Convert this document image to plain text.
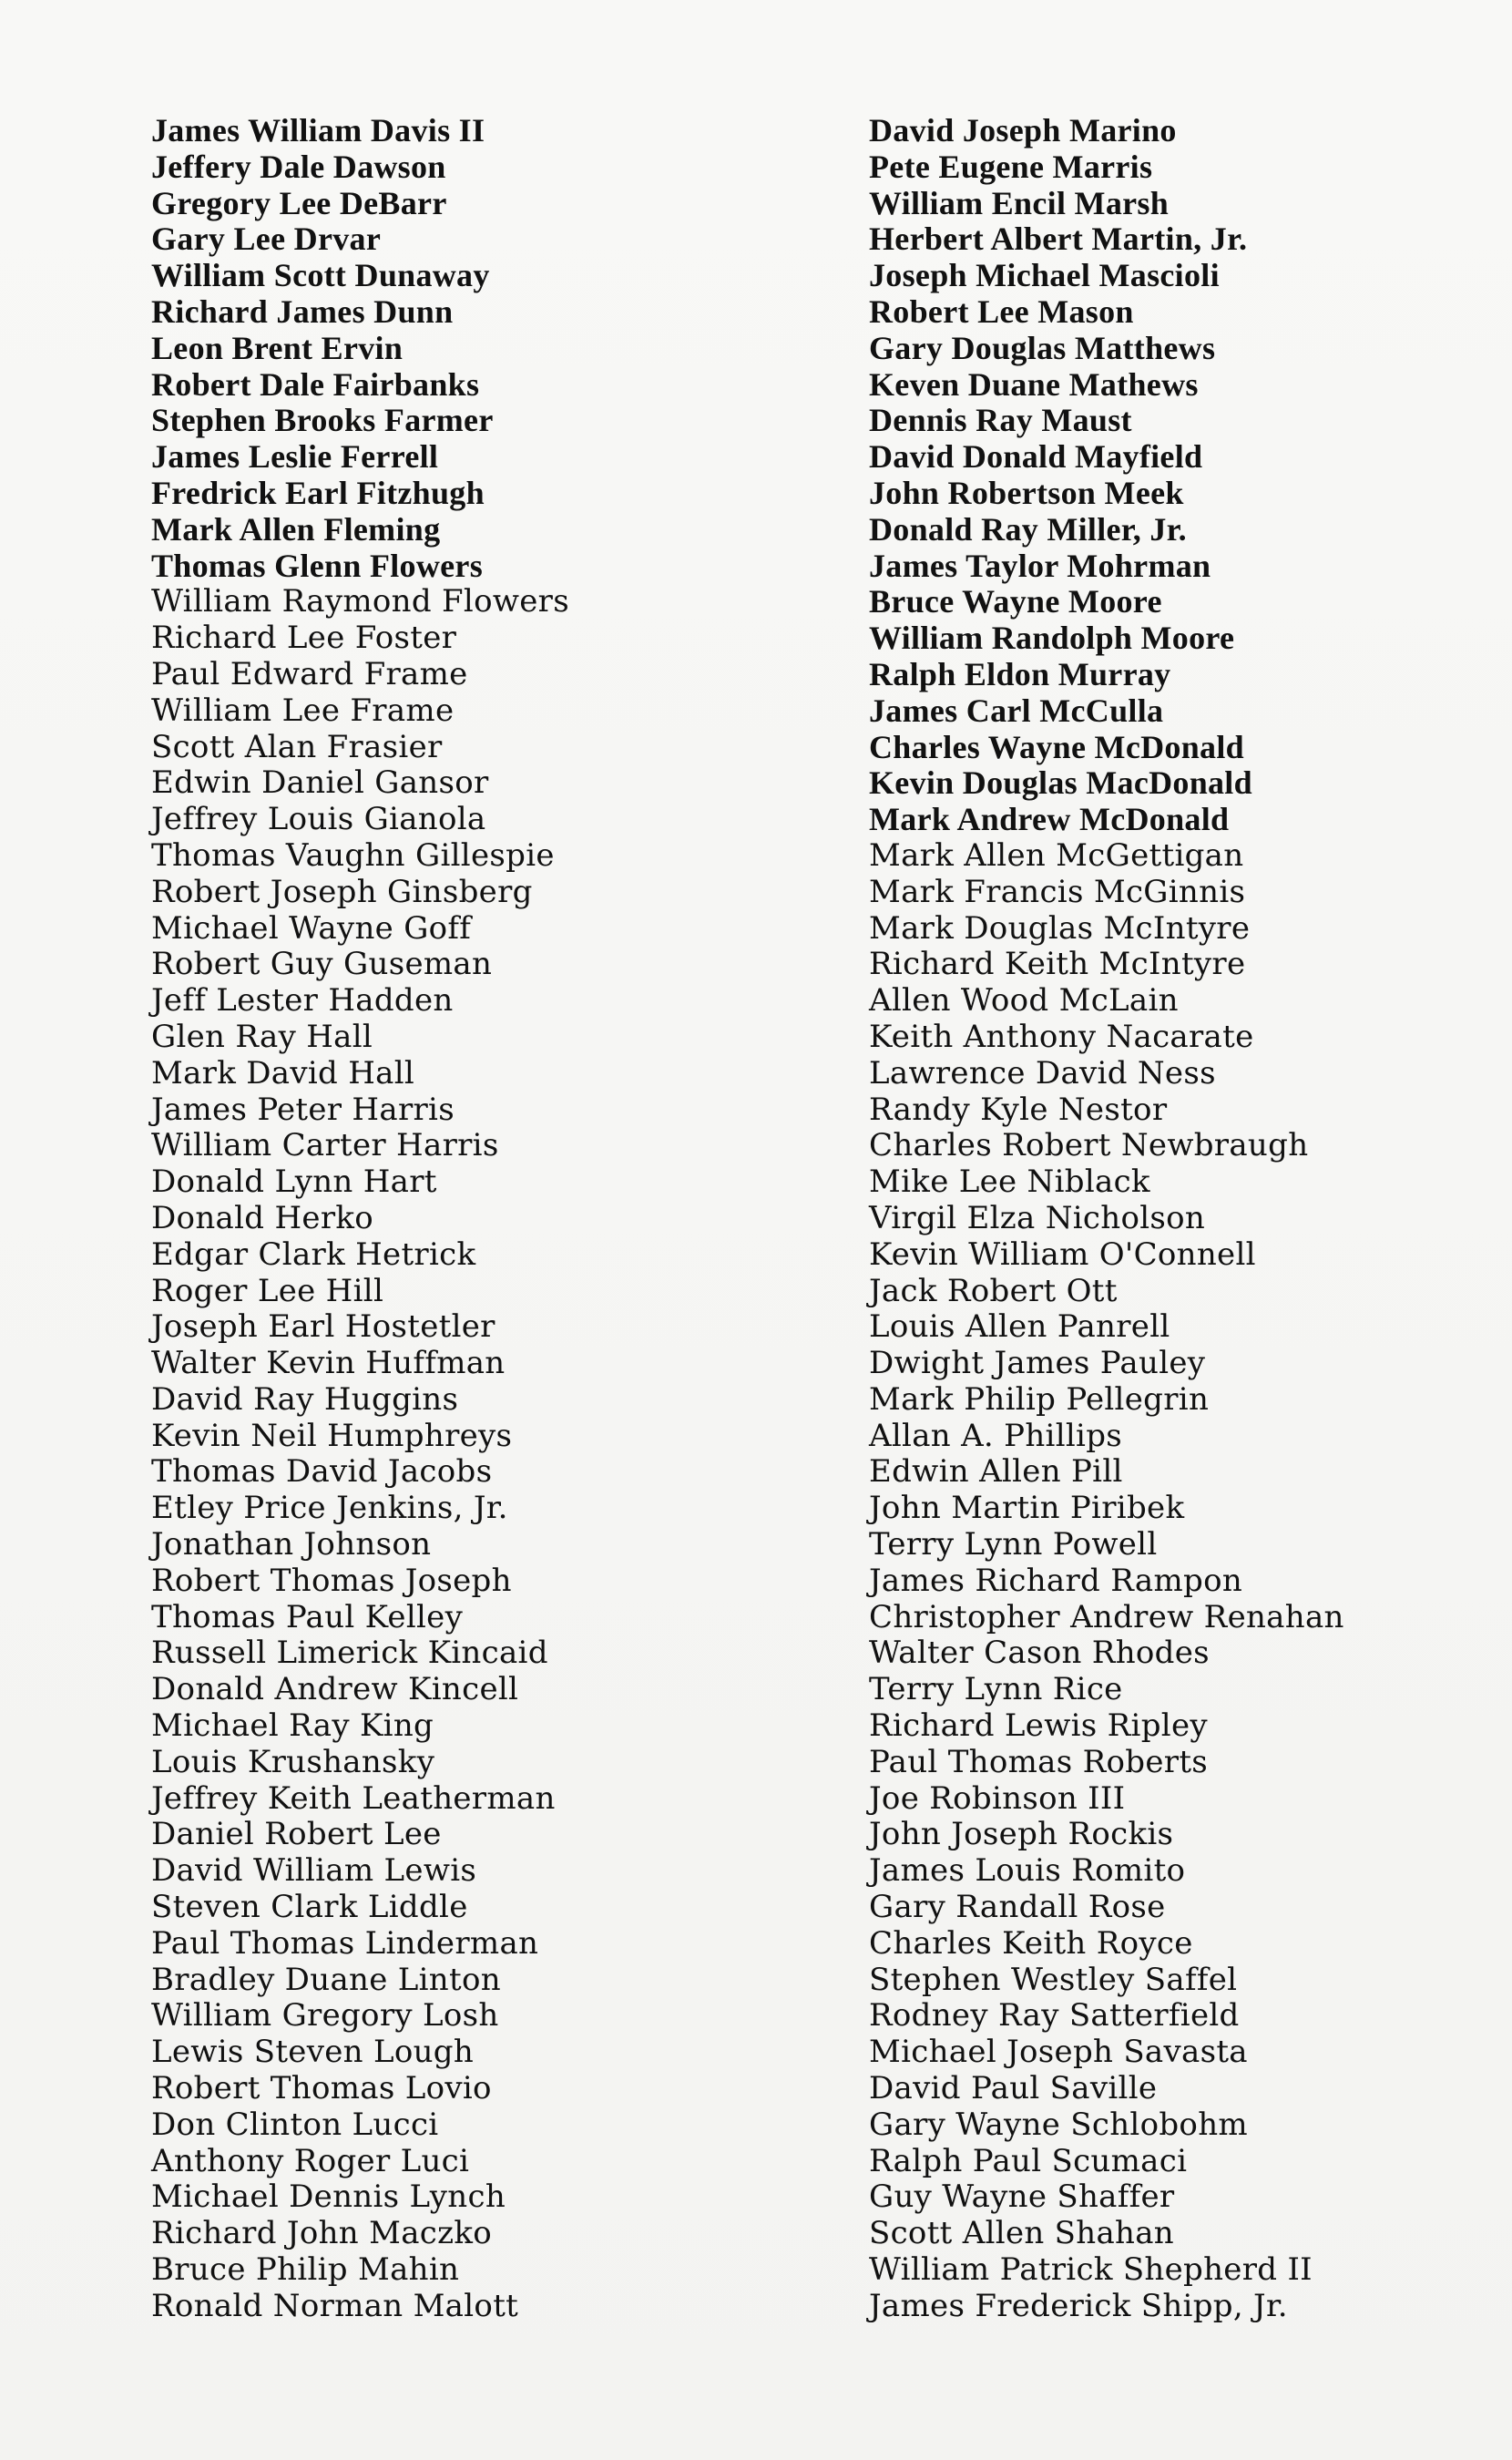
James William Davis II
Jeffery Dale Dawson
Gregory Lee DeBarr
Gary Lee Drvar
William Scott Dunaway
Richard James Dunn
Leon Brent Ervin
Robert Dale Fairbanks
Stephen Brooks Farmer
James Leslie Ferrell
Fredrick Earl Fitzhugh
Mark Allen Fleming
Thomas Glenn Flowers
William Raymond Flowers
Richard Lee Foster
Paul Edward Frame
William Lee Frame
Scott Alan Frasier
Edwin Daniel Gansor
Jeffrey Louis Gianola
Thomas Vaughn Gillespie
Robert Joseph Ginsberg
Michael Wayne Goff
Robert Guy Guseman
Jeff Lester Hadden
Glen Ray Hall
Mark David Hall
James Peter Harris
William Carter Harris
Donald Lynn Hart
Donald Herko
Edgar Clark Hetrick
Roger Lee Hill
Joseph Earl Hostetler
Walter Kevin Huffman
David Ray Huggins
Kevin Neil Humphreys
Thomas David Jacobs
Etley Price Jenkins, Jr.
Jonathan Johnson
Robert Thomas Joseph
Thomas Paul Kelley
Russell Limerick Kincaid
Donald Andrew Kincell
Michael Ray King
Louis Krushansky
Jeffrey Keith Leatherman
Daniel Robert Lee
David William Lewis
Steven Clark Liddle
Paul Thomas Linderman
Bradley Duane Linton
William Gregory Losh
Lewis Steven Lough
Robert Thomas Lovio
Don Clinton Lucci
Anthony Roger Luci
Michael Dennis Lynch
Richard John Maczko
Bruce Philip Mahin
Ronald Norman Malott
David Joseph Marino
Pete Eugene Marris
William Encil Marsh
Herbert Albert Martin, Jr.
Joseph Michael Mascioli
Robert Lee Mason
Gary Douglas Matthews
Keven Duane Mathews
Dennis Ray Maust
David Donald Mayfield
John Robertson Meek
Donald Ray Miller, Jr.
James Taylor Mohrman
Bruce Wayne Moore
William Randolph Moore
Ralph Eldon Murray
James Carl McCulla
Charles Wayne McDonald
Kevin Douglas MacDonald
Mark Andrew McDonald
Mark Allen McGettigan
Mark Francis McGinnis
Mark Douglas McIntyre
Richard Keith McIntyre
Allen Wood McLain
Keith Anthony Nacarate
Lawrence David Ness
Randy Kyle Nestor
Charles Robert Newbraugh
Mike Lee Niblack
Virgil Elza Nicholson
Kevin William O'Connell
Jack Robert Ott
Louis Allen Panrell
Dwight James Pauley
Mark Philip Pellegrin
Allan A. Phillips
Edwin Allen Pill
John Martin Piribek
Terry Lynn Powell
James Richard Rampon
Christopher Andrew Renahan
Walter Cason Rhodes
Terry Lynn Rice
Richard Lewis Ripley
Paul Thomas Roberts
Joe Robinson III
John Joseph Rockis
James Louis Romito
Gary Randall Rose
Charles Keith Royce
Stephen Westley Saffel
Rodney Ray Satterfield
Michael Joseph Savasta
David Paul Saville
Gary Wayne Schlobohm
Ralph Paul Scumaci
Guy Wayne Shaffer
Scott Allen Shahan
William Patrick Shepherd II
James Frederick Shipp, Jr.
